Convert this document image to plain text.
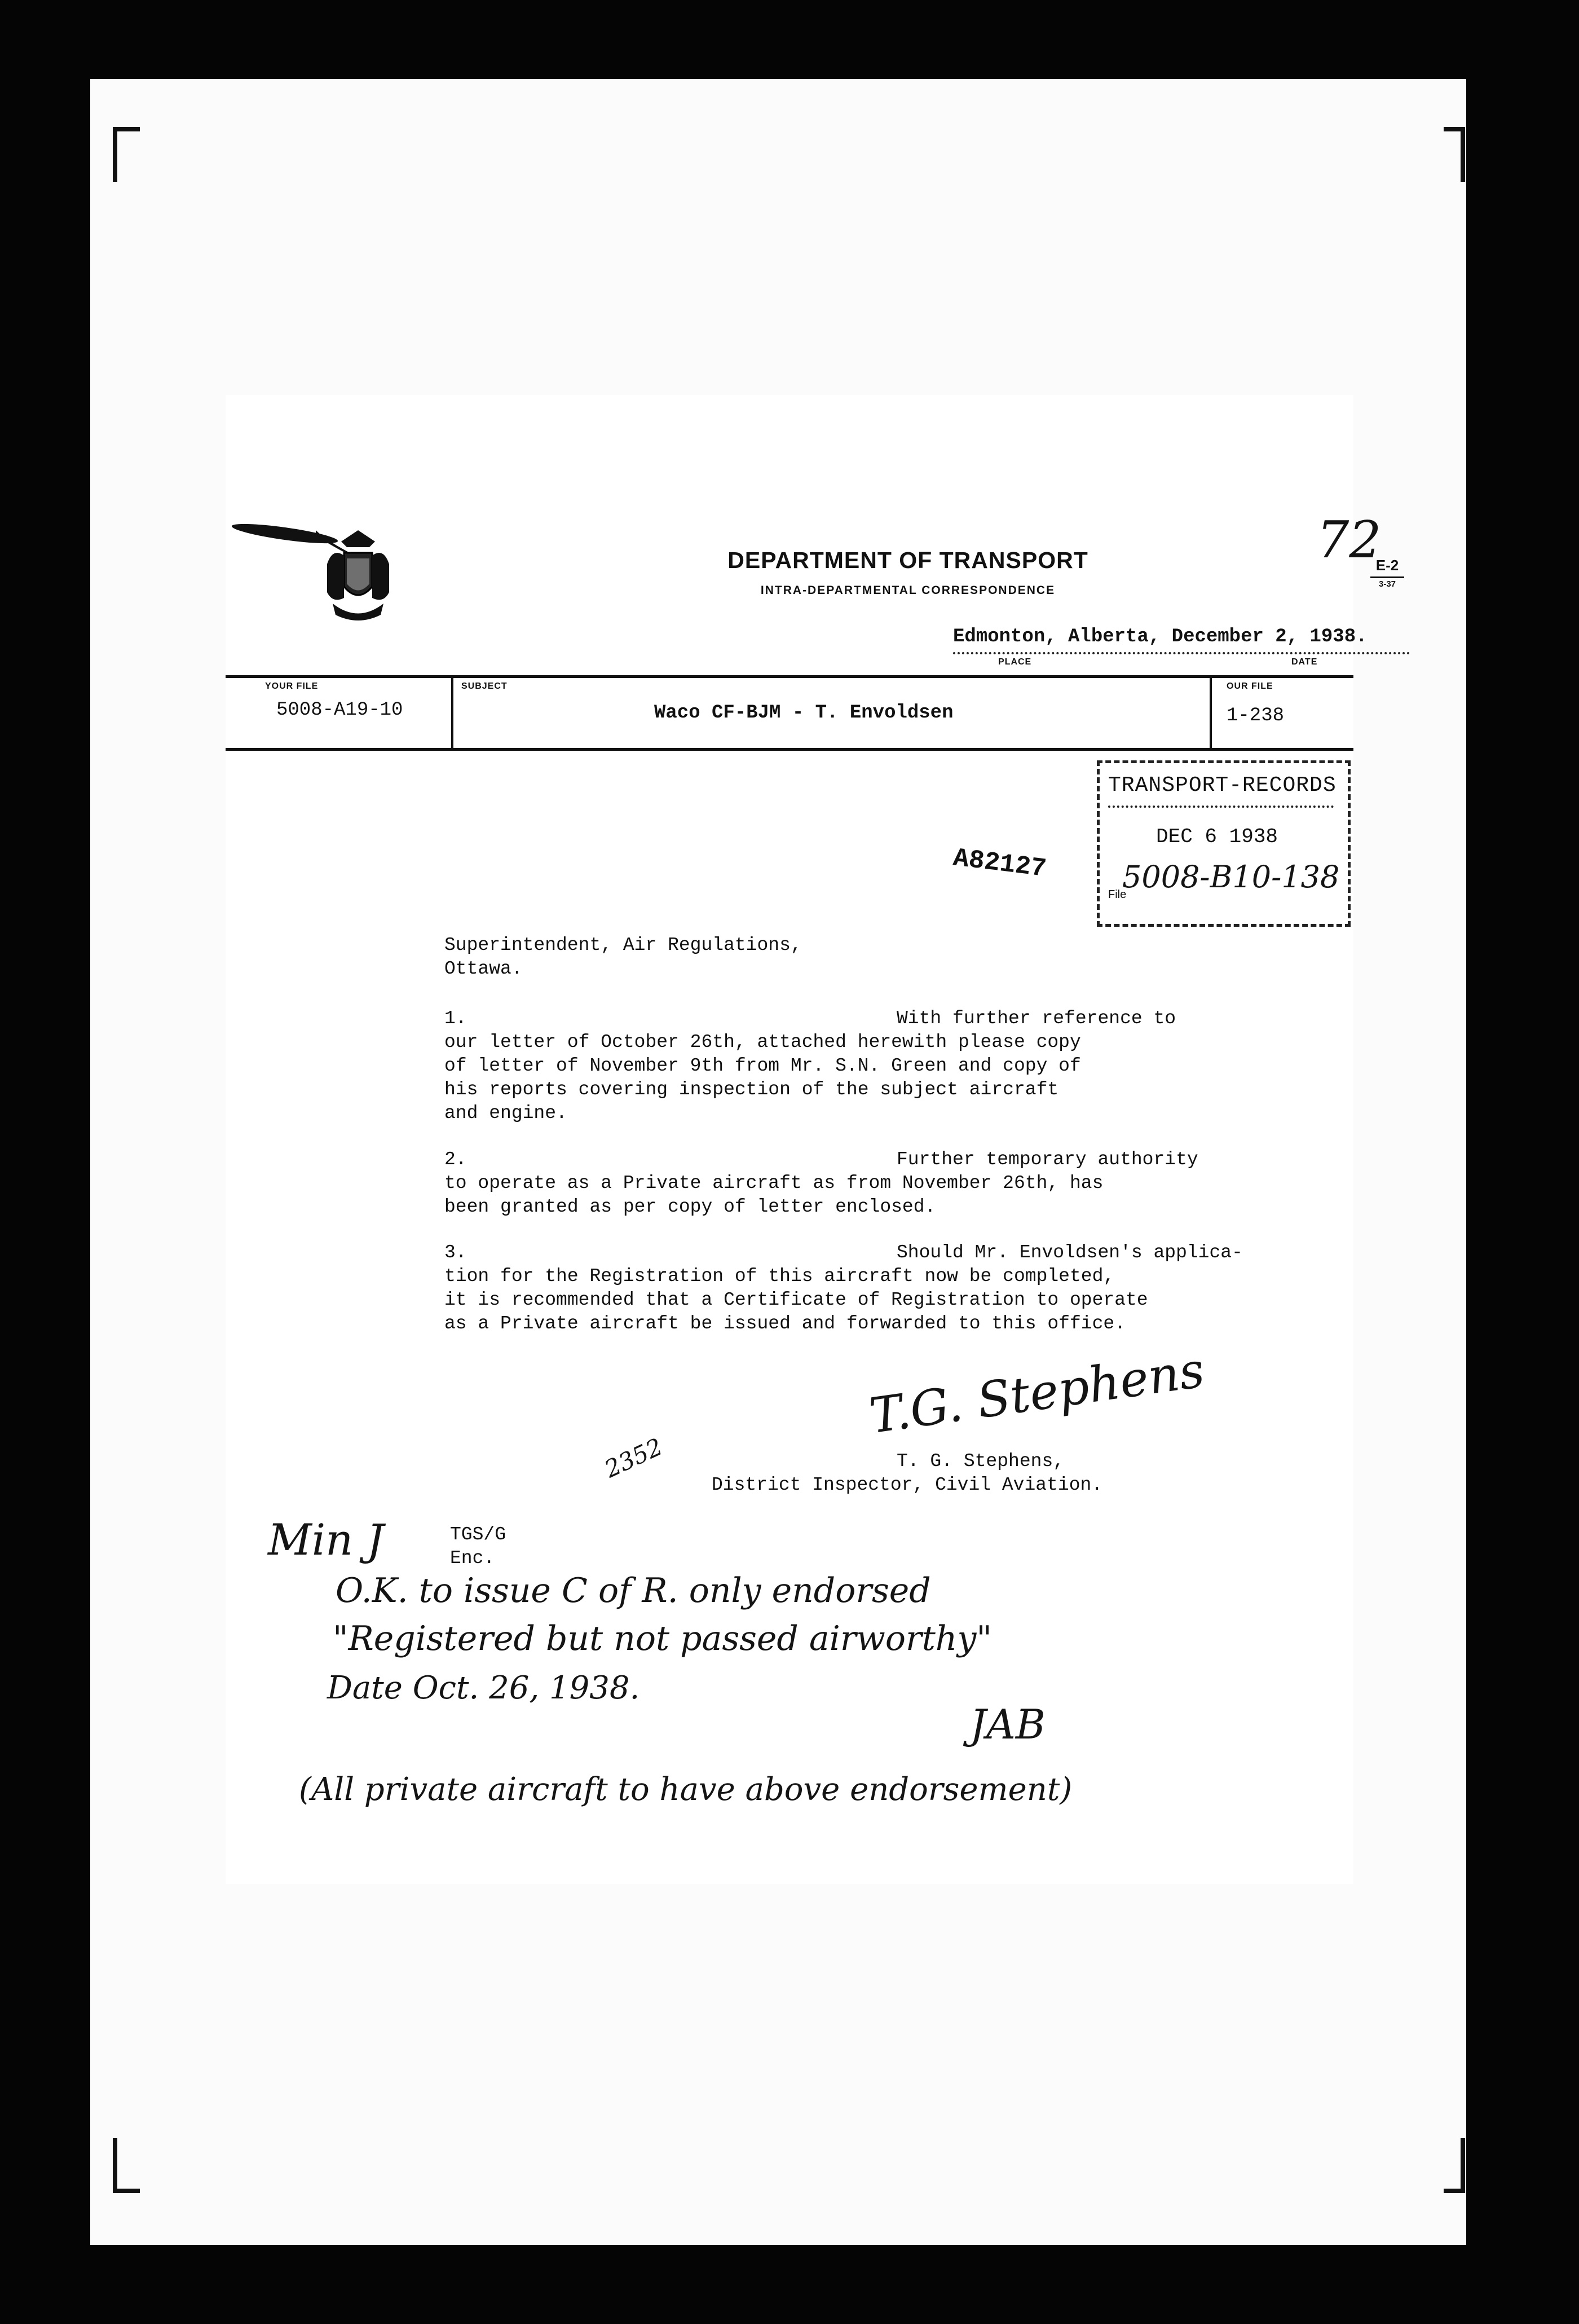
DEPARTMENT OF TRANSPORT
INTRA-DEPARTMENTAL CORRESPONDENCE
72
E-2
3-37
Edmonton, Alberta, December 2, 1938.
PLACE	DATE
YOUR FILE
5008-A19-10
SUBJECT
Waco CF-BJM - T. Envoldsen
OUR FILE
1-238
TRANSPORT-RECORDS
DEC 6 1938
File
5008-B10-138
A82127
Superintendent, Air Regulations,
Ottawa.
1.	With further reference to
our letter of October 26th, attached herewith please copy
of letter of November 9th from Mr. S.N. Green and copy of
his reports covering inspection of the subject aircraft
and engine.
2.	Further temporary authority
to operate as a Private aircraft as from November 26th, has
been granted as per copy of letter enclosed.
3.	Should Mr. Envoldsen's applica-
tion for the Registration of this aircraft now be completed,
it is recommended that a Certificate of Registration to operate
as a Private aircraft be issued and forwarded to this office.
T.G. Stephens
T. G. Stephens,
District Inspector, Civil Aviation.
2352
TGS/G
Enc.
Min J
O.K. to issue C of R. only endorsed
"Registered but not passed airworthy"
Date Oct. 26, 1938.
JAB
(All private aircraft to have above endorsement)
